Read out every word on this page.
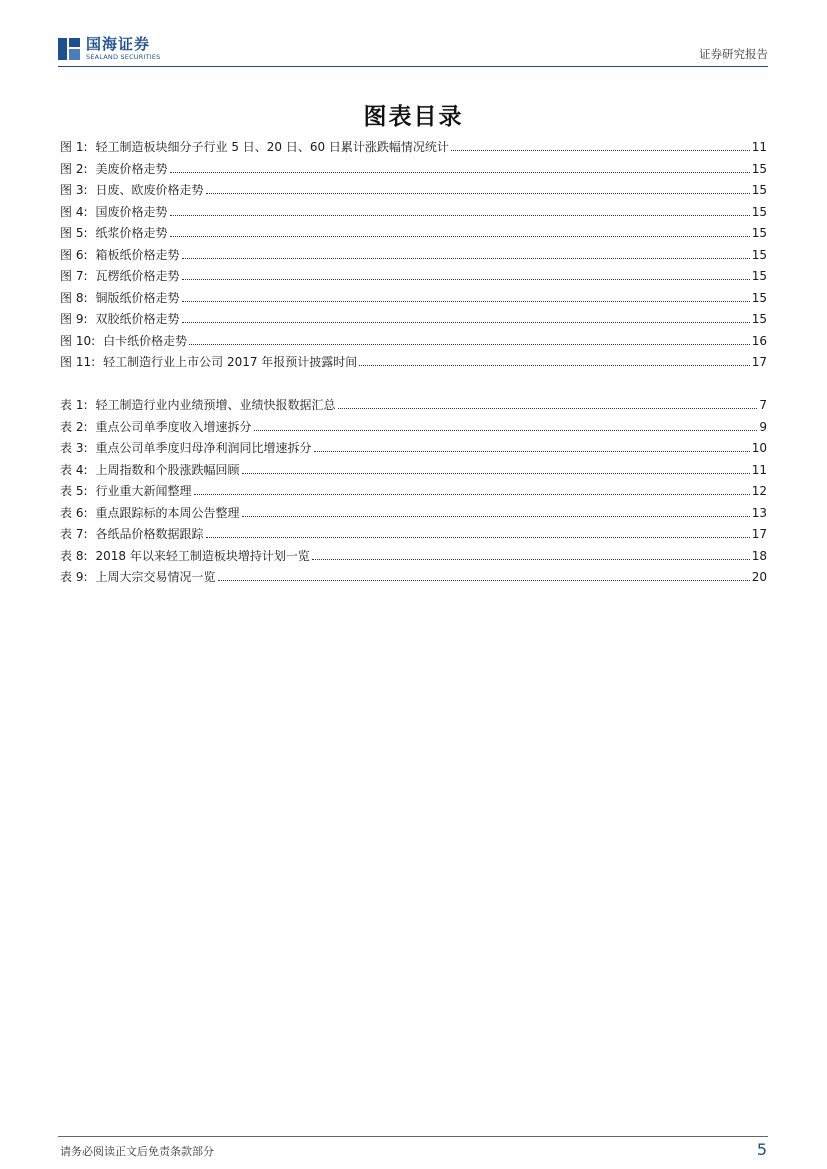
国海证券
SEALAND SECURITIES	证券研究报告
图表目录
图 1: 轻工制造板块细分子行业 5 日、20 日、60 日累计涨跌幅情况统计	11
图 2: 美废价格走势	15
图 3: 日废、欧废价格走势	15
图 4: 国废价格走势	15
图 5: 纸浆价格走势	15
图 6: 箱板纸价格走势	15
图 7: 瓦楞纸价格走势	15
图 8: 铜版纸价格走势	15
图 9: 双胶纸价格走势	15
图 10: 白卡纸价格走势	16
图 11: 轻工制造行业上市公司 2017 年报预计披露时间	17
表 1: 轻工制造行业内业绩预增、业绩快报数据汇总	7
表 2: 重点公司单季度收入增速拆分	9
表 3: 重点公司单季度归母净利润同比增速拆分	10
表 4: 上周指数和个股涨跌幅回顾	11
表 5: 行业重大新闻整理	12
表 6: 重点跟踪标的本周公告整理	13
表 7: 各纸品价格数据跟踪	17
表 8: 2018 年以来轻工制造板块增持计划一览	18
表 9: 上周大宗交易情况一览	20
请务必阅读正文后免责条款部分	5
